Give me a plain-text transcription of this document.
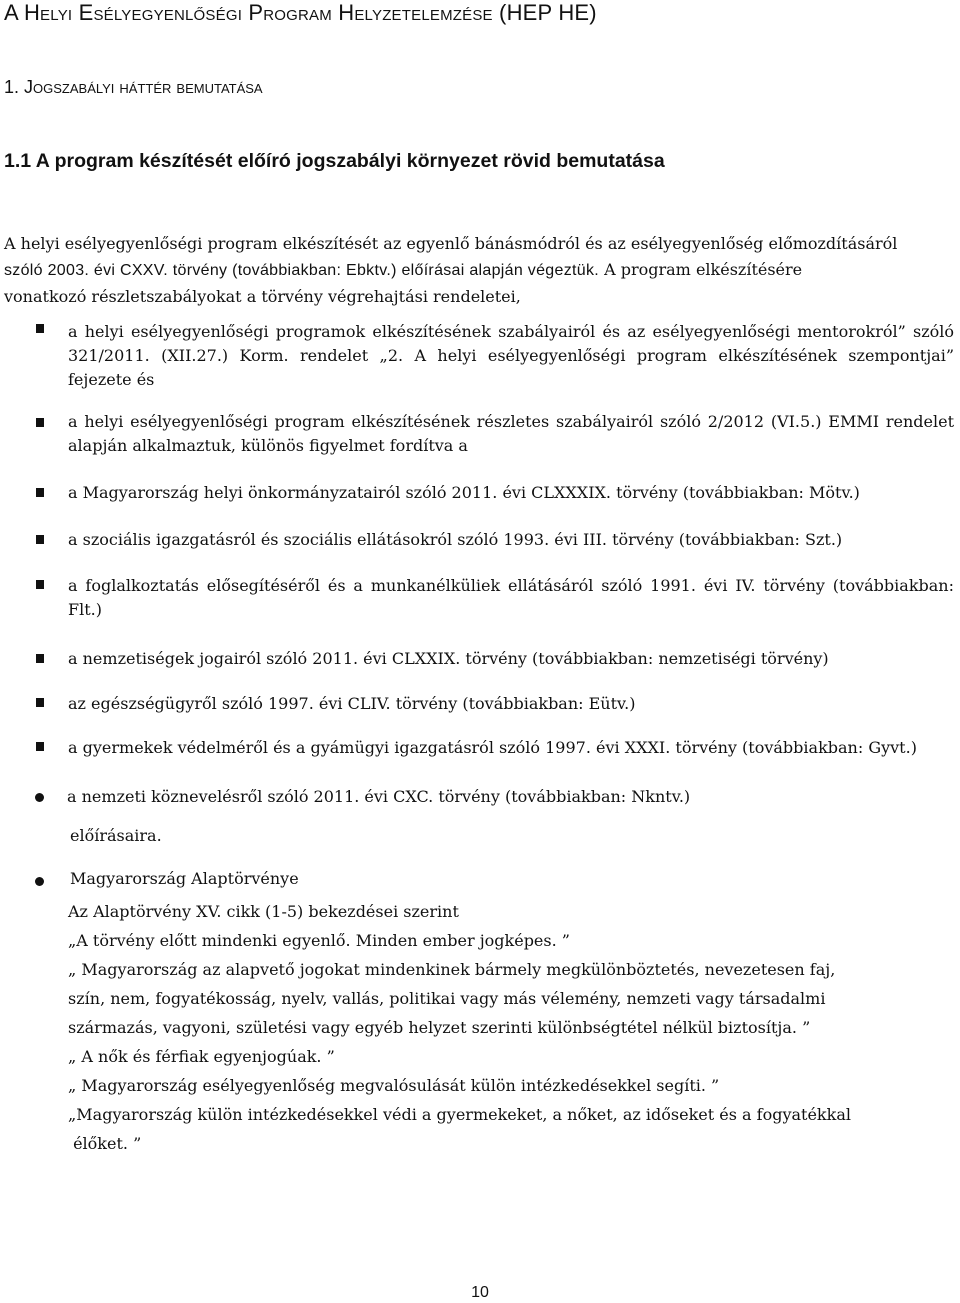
A Helyi Esélyegyenlőségi Program Helyzetelemzése (HEP HE)
1. Jogszabályi háttér bemutatása
1.1 A program készítését előíró jogszabályi környezet rövid bemutatása

A helyi esélyegyenlőségi program elkészítését az egyenlő bánásmódról és az esélyegyenlőség előmozdításáról

szóló 2003. évi CXXV. törvény (továbbiakban: Ebktv.) előírásai alapján végeztük. A program elkészítésére

vonatkozó részletszabályokat a törvény végrehajtási rendeletei,

a helyi esélyegyenlőségi programok elkészítésének szabályairól és az esélyegyenlőségi mentorokról” szóló 321/2011. (XII.27.) Korm. rendelet „2. A helyi esélyegyenlőségi program elkészítésének szempontjai” fejezete és
a helyi esélyegyenlőségi program elkészítésének részletes szabályairól szóló 2/2012 (VI.5.) EMMI rendelet alapján alkalmaztuk, különös figyelmet fordítva a
a Magyarország helyi önkormányzatairól szóló 2011. évi CLXXXIX. törvény (továbbiakban: Mötv.)
a szociális igazgatásról és szociális ellátásokról szóló 1993. évi III. törvény (továbbiakban: Szt.)
a foglalkoztatás elősegítéséről és a munkanélküliek ellátásáról szóló 1991. évi IV. törvény (továbbiakban: Flt.)
a nemzetiségek jogairól szóló 2011. évi CLXXIX. törvény (továbbiakban: nemzetiségi törvény)
az egészségügyről szóló 1997. évi CLIV. törvény (továbbiakban: Eütv.)
a gyermekek védelméről és a gyámügyi igazgatásról szóló 1997. évi XXXI. törvény (továbbiakban: Gyvt.)
a nemzeti köznevelésről szóló 2011. évi CXC. törvény (továbbiakban: Nkntv.)
előírásaira.
Magyarország Alaptörvénye
Az Alaptörvény XV. cikk (1-5) bekezdései szerint
„A törvény előtt mindenki egyenlő. Minden ember jogképes. ”
„ Magyarország az alapvető jogokat mindenkinek bármely megkülönböztetés, nevezetesen faj,
szín, nem, fogyatékosság, nyelv, vallás, politikai vagy más vélemény, nemzeti vagy társadalmi
származás, vagyoni, születési vagy egyéb helyzet szerinti különbségtétel nélkül biztosítja. ”
„ A nők és férfiak egyenjogúak. ”
„ Magyarország esélyegyenlőség megvalósulását külön intézkedésekkel segíti. ”
„Magyarország külön intézkedésekkel védi a gyermekeket, a nőket, az időseket és a fogyatékkal
élőket. ”
10
